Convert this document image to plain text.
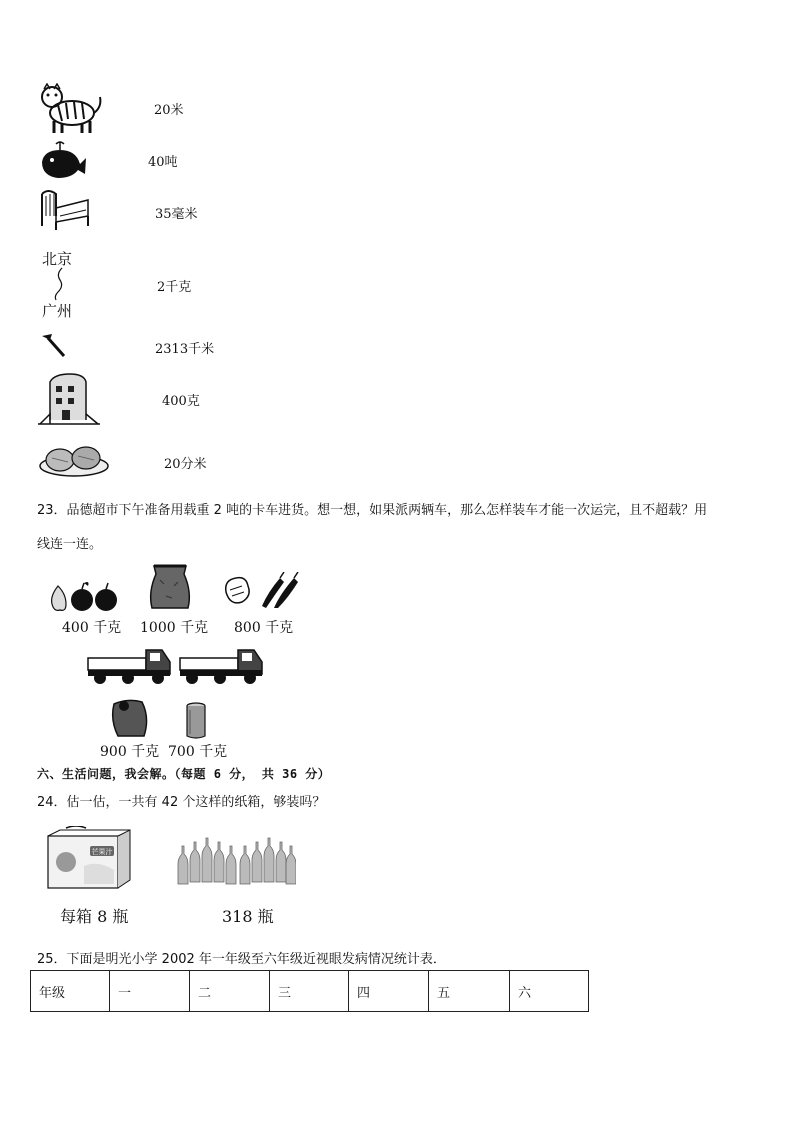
20米
40吨
35毫米
北京
广州
2千克
2313千米
400克
20分米
23．品德超市下午准备用载重 2 吨的卡车进货。想一想，如果派两辆车，那么怎样装车才能一次运完，且不超载？用
线连一连。
400 千克 1000 千克 800 千克
900 千克 700 千克
六、生活问题，我会解。（每题 6 分， 共 36 分）
24．估一估，一共有 42 个这样的纸箱，够装吗？
芒果汁
每箱 8 瓶	318 瓶
25．下面是明光小学 2002 年一年级至六年级近视眼发病情况统计表．
年级	一	二	三	四	五	六
